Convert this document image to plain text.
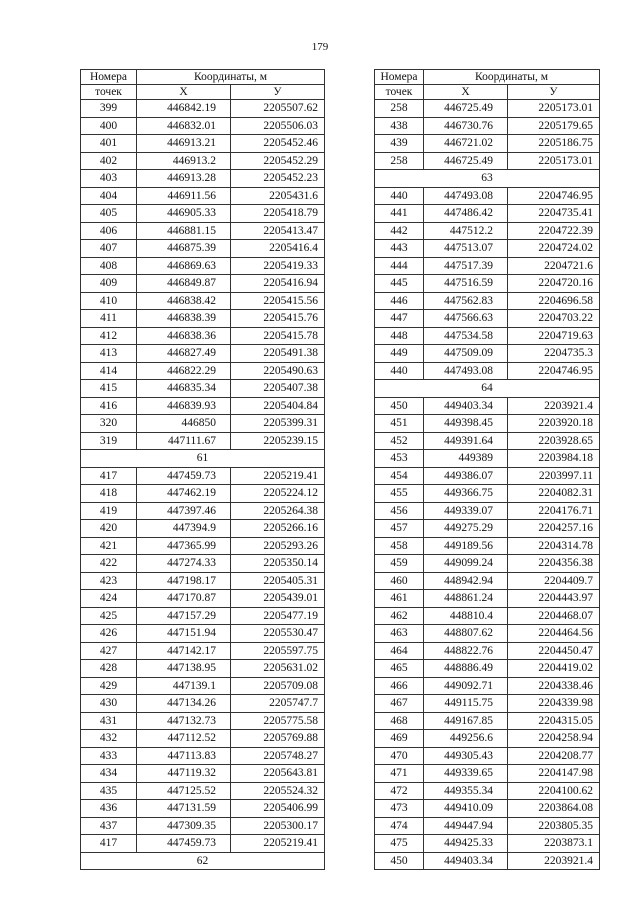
179
Номера	Координаты, м	
точек	X	У
399	446842.19	2205507.62
400	446832.01	2205506.03
401	446913.21	2205452.46
402	446913.2	2205452.29
403	446913.28	2205452.23
404	446911.56	2205431.6
405	446905.33	2205418.79
406	446881.15	2205413.47
407	446875.39	2205416.4
408	446869.63	2205419.33
409	446849.87	2205416.94
410	446838.42	2205415.56
411	446838.39	2205415.76
412	446838.36	2205415.78
413	446827.49	2205491.38
414	446822.29	2205490.63
415	446835.34	2205407.38
416	446839.93	2205404.84
320	446850	2205399.31
319	447111.67	2205239.15
61		
417	447459.73	2205219.41
418	447462.19	2205224.12
419	447397.46	2205264.38
420	447394.9	2205266.16
421	447365.99	2205293.26
422	447274.33	2205350.14
423	447198.17	2205405.31
424	447170.87	2205439.01
425	447157.29	2205477.19
426	447151.94	2205530.47
427	447142.17	2205597.75
428	447138.95	2205631.02
429	447139.1	2205709.08
430	447134.26	2205747.7
431	447132.73	2205775.58
432	447112.52	2205769.88
433	447113.83	2205748.27
434	447119.32	2205643.81
435	447125.52	2205524.32
436	447131.59	2205406.99
437	447309.35	2205300.17
417	447459.73	2205219.41
62		
Номера	Координаты, м	
точек	X	У
258	446725.49	2205173.01
438	446730.76	2205179.65
439	446721.02	2205186.75
258	446725.49	2205173.01
63		
440	447493.08	2204746.95
441	447486.42	2204735.41
442	447512.2	2204722.39
443	447513.07	2204724.02
444	447517.39	2204721.6
445	447516.59	2204720.16
446	447562.83	2204696.58
447	447566.63	2204703.22
448	447534.58	2204719.63
449	447509.09	2204735.3
440	447493.08	2204746.95
64		
450	449403.34	2203921.4
451	449398.45	2203920.18
452	449391.64	2203928.65
453	449389	2203984.18
454	449386.07	2203997.11
455	449366.75	2204082.31
456	449339.07	2204176.71
457	449275.29	2204257.16
458	449189.56	2204314.78
459	449099.24	2204356.38
460	448942.94	2204409.7
461	448861.24	2204443.97
462	448810.4	2204468.07
463	448807.62	2204464.56
464	448822.76	2204450.47
465	448886.49	2204419.02
466	449092.71	2204338.46
467	449115.75	2204339.98
468	449167.85	2204315.05
469	449256.6	2204258.94
470	449305.43	2204208.77
471	449339.65	2204147.98
472	449355.34	2204100.62
473	449410.09	2203864.08
474	449447.94	2203805.35
475	449425.33	2203873.1
450	449403.34	2203921.4
